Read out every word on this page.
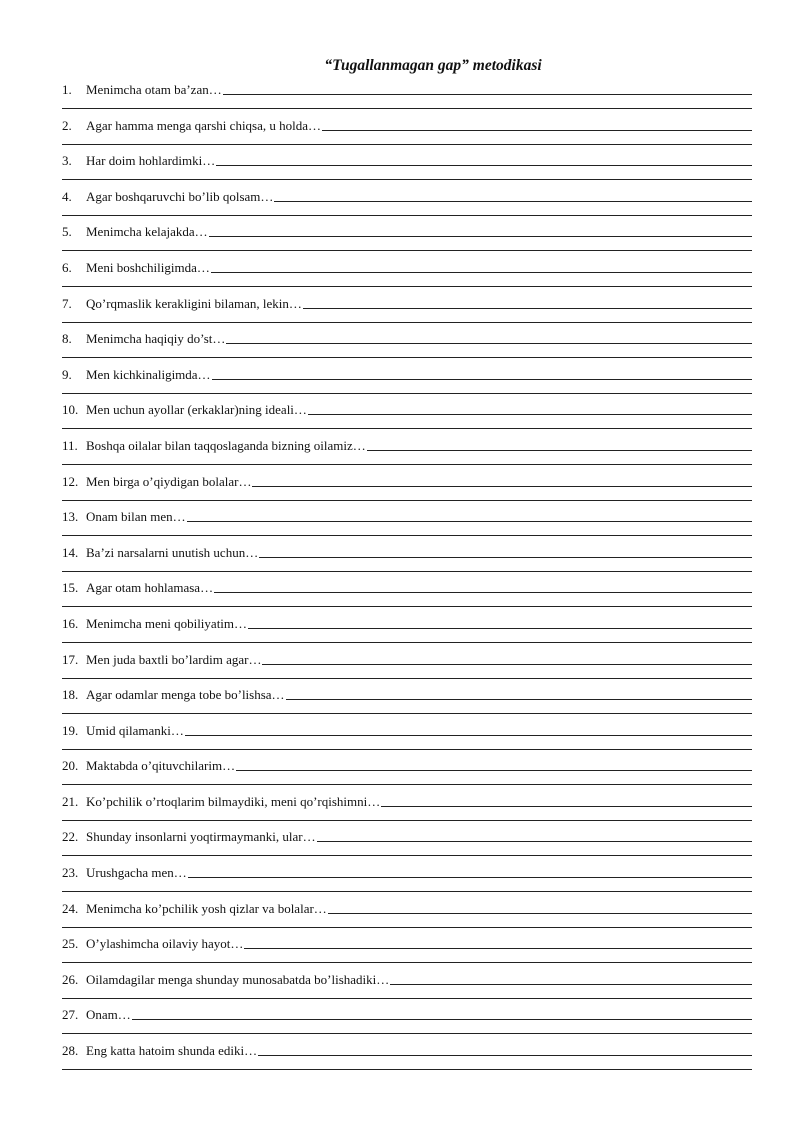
“Tugallanmagan gap” metodikasi
1.	Menimcha otam ba’zan…
2.	Agar hamma menga qarshi chiqsa, u holda…
3.	Har doim hohlardimki…
4.	Agar boshqaruvchi bo’lib qolsam…
5.	Menimcha kelajakda…
6.	Meni boshchiligimda…
7.	Qo’rqmaslik kerakligini bilaman, lekin…
8.	Menimcha haqiqiy do’st…
9.	Men kichkinaligimda…
10. Men uchun ayollar (erkaklar)ning ideali…
11. Boshqa oilalar bilan taqqoslaganda bizning oilamiz…
12. Men birga o’qiydigan bolalar…
13. Onam bilan men…
14. Ba’zi narsalarni unutish uchun…
15. Agar otam hohlamasa…
16. Menimcha meni qobiliyatim…
17. Men juda baxtli bo’lardim agar…
18. Agar odamlar menga tobe bo’lishsa…
19. Umid qilamanki…
20. Maktabda o’qituvchilarim…
21. Ko’pchilik o’rtoqlarim bilmaydiki, meni qo’rqishimni…
22. Shunday insonlarni yoqtirmaymanki, ular…
23. Urushgacha men…
24. Menimcha ko’pchilik yosh qizlar va bolalar…
25. O’ylashimcha oilaviy hayot…
26. Oilamdagilar menga shunday munosabatda bo’lishadiki…
27. Onam…
28. Eng katta hatoim shunda ediki…
